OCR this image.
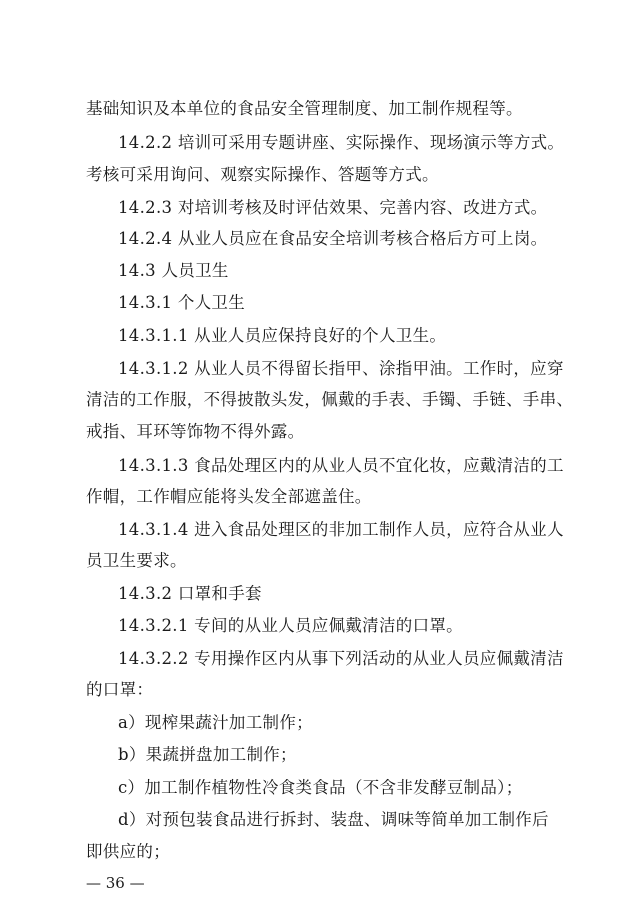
基础知识及本单位的食品安全管理制度、加工制作规程等。
14.2.2 培训可采用专题讲座、实际操作、现场演示等方式。
考核可采用询问、观察实际操作、答题等方式。
14.2.3 对培训考核及时评估效果、完善内容、改进方式。
14.2.4 从业人员应在食品安全培训考核合格后方可上岗。
14.3 人员卫生
14.3.1 个人卫生
14.3.1.1 从业人员应保持良好的个人卫生。
14.3.1.2 从业人员不得留长指甲、涂指甲油。工作时，应穿
清洁的工作服，不得披散头发，佩戴的手表、手镯、手链、手串、
戒指、耳环等饰物不得外露。
14.3.1.3 食品处理区内的从业人员不宜化妆，应戴清洁的工
作帽，工作帽应能将头发全部遮盖住。
14.3.1.4 进入食品处理区的非加工制作人员，应符合从业人
员卫生要求。
14.3.2 口罩和手套
14.3.2.1 专间的从业人员应佩戴清洁的口罩。
14.3.2.2 专用操作区内从事下列活动的从业人员应佩戴清洁
的口罩：
a）现榨果蔬汁加工制作；
b）果蔬拼盘加工制作；
c）加工制作植物性冷食类食品（不含非发酵豆制品）；
d）对预包装食品进行拆封、装盘、调味等简单加工制作后
即供应的；
— 36 —
